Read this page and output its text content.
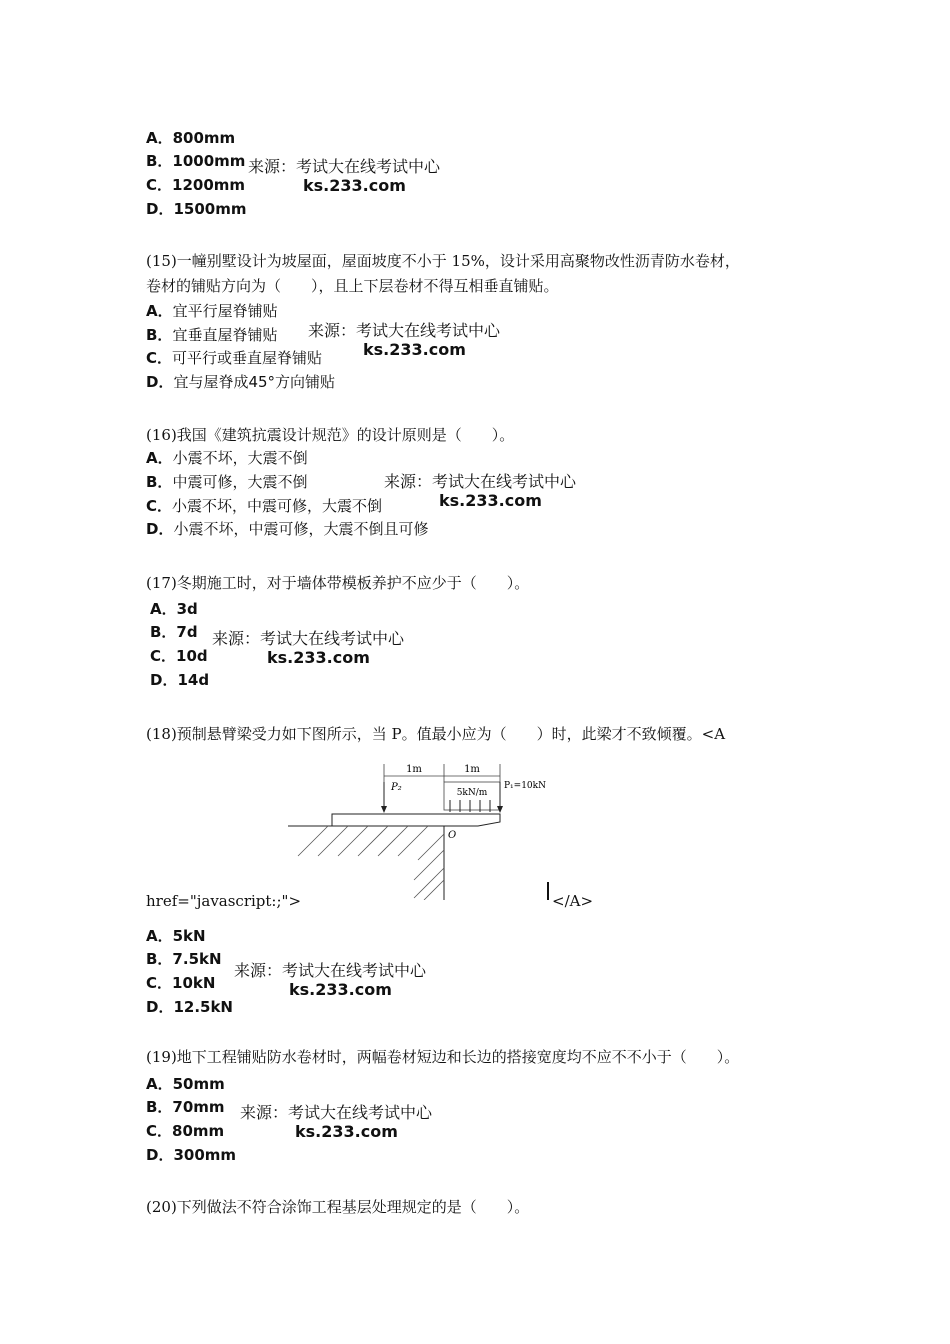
A．800mm
B．1000mm
C．1200mm
D．1500mm
来源：考试大在线考试中心
ks.233.com
(15)一幢别墅设计为坡屋面，屋面坡度不小于 15%，设计采用高聚物改性沥青防水卷材，
卷材的铺贴方向为（　　），且上下层卷材不得互相垂直铺贴。
A．宜平行屋脊铺贴
B．宜垂直屋脊铺贴
C．可平行或垂直屋脊铺贴
D．宜与屋脊成45°方向铺贴
来源：考试大在线考试中心
ks.233.com
(16)我国《建筑抗震设计规范》的设计原则是（　　）。
A．小震不坏，大震不倒
B．中震可修，大震不倒
C．小震不坏，中震可修，大震不倒
D．小震不坏，中震可修，大震不倒且可修
来源：考试大在线考试中心
ks.233.com
(17)冬期施工时，对于墙体带模板养护不应少于（　　）。
A．3d
B．7d
C．10d
D．14d
来源：考试大在线考试中心
ks.233.com
(18)预制悬臂梁受力如下图所示，当 P。值最小应为（　　）时，此梁才不致倾覆。<A
1m	1m
P₂	5kN/m
P₁=10kN
O
href="javascript:;">	</A>
A．5kN
B．7.5kN
C．10kN
D．12.5kN
来源：考试大在线考试中心
ks.233.com
(19)地下工程铺贴防水卷材时，两幅卷材短边和长边的搭接宽度均不应不不小于（　　）。
A．50mm
B．70mm
C．80mm
D．300mm
来源：考试大在线考试中心
ks.233.com
(20)下列做法不符合涂饰工程基层处理规定的是（　　）。
